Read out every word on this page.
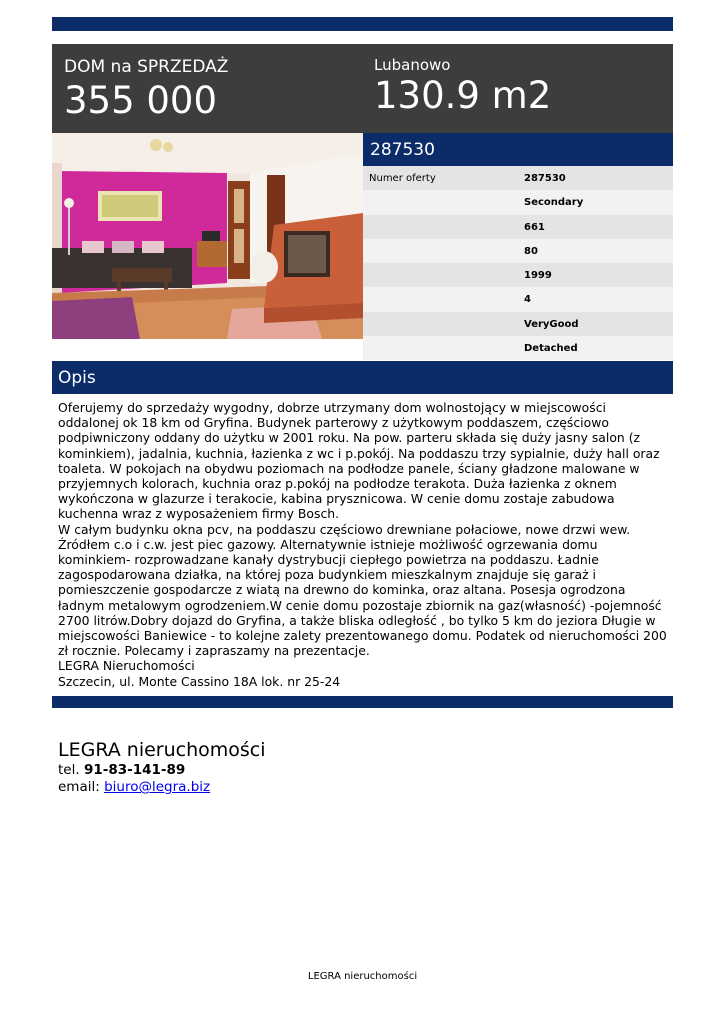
DOM na SPRZEDAŻ
355 000
Lubanowo
130.9 m2
287530
Numer oferty	287530
Secondary
661
80
1999
4
VeryGood
Detached
Opis
Oferujemy do sprzedaży wygodny, dobrze utrzymany dom wolnostojący w miejscowości oddalonej ok 18 km od Gryfina. Budynek parterowy z użytkowym poddaszem, częściowo podpiwniczony oddany do użytku w 2001 roku. Na pow. parteru składa się duży jasny salon (z kominkiem), jadalnia, kuchnia, łazienka z wc i p.pokój. Na poddaszu trzy sypialnie, duży hall oraz toaleta. W pokojach na obydwu poziomach na podłodze panele, ściany gładzone malowane w przyjemnych kolorach, kuchnia oraz p.pokój na podłodze terakota. Duża łazienka z oknem wykończona w glazurze i terakocie, kabina prysznicowa. W cenie domu zostaje zabudowa kuchenna wraz z wyposażeniem firmy Bosch.
W całym budynku okna pcv, na poddaszu częściowo drewniane połaciowe, nowe drzwi wew. Źródłem c.o i c.w. jest piec gazowy. Alternatywnie istnieje możliwość ogrzewania domu kominkiem- rozprowadzane kanały dystrybucji ciepłego powietrza na poddaszu. Ładnie zagospodarowana działka, na której poza budynkiem mieszkalnym znajduje się garaż i pomieszczenie gospodarcze z wiatą na drewno do kominka, oraz altana. Posesja ogrodzona ładnym metalowym ogrodzeniem.W cenie domu pozostaje zbiornik na gaz(własność) -pojemność 2700 litrów.Dobry dojazd do Gryfina, a także bliska odległość , bo tylko 5 km do jeziora Długie w miejscowości Baniewice - to kolejne zalety prezentowanego domu. Podatek od nieruchomości 200 zł rocznie. Polecamy i zapraszamy na prezentacje.
LEGRA Nieruchomości
Szczecin, ul. Monte Cassino 18A lok. nr 25-24
LEGRA nieruchomości
tel. 91-83-141-89
email: biuro@legra.biz
LEGRA nieruchomości
